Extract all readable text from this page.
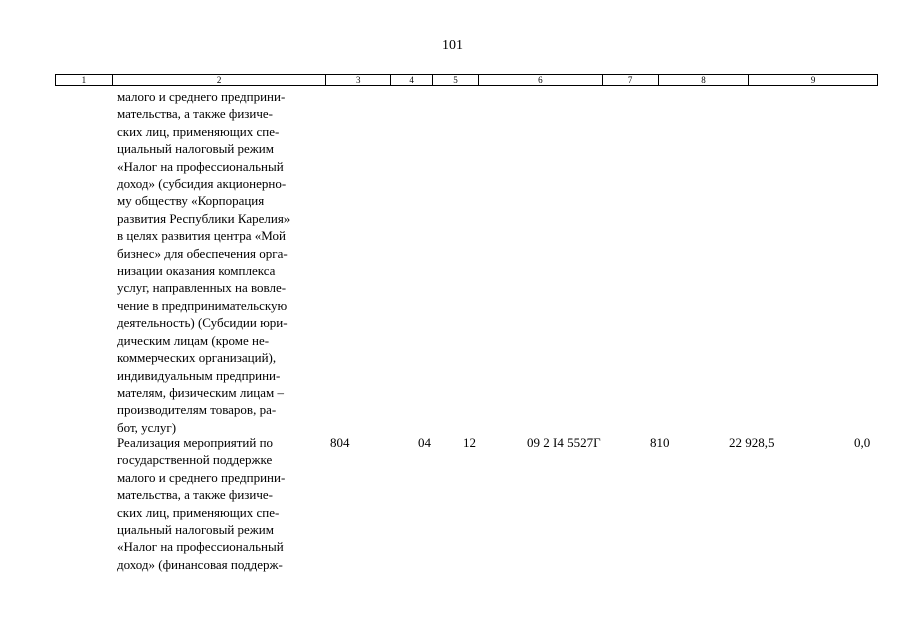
101
1	2	3	4	5	6	7	8	9
малого и среднего предприни-
мательства, а также физиче-
ских лиц, применяющих спе-
циальный налоговый режим
«Налог на профессиональный
доход» (субсидия акционерно-
му обществу «Корпорация
развития Республики Карелия»
в целях развития центра «Мой
бизнес» для обеспечения орга-
низации оказания комплекса
услуг, направленных на вовле-
чение в предпринимательскую
деятельность) (Субсидии юри-
дическим лицам (кроме не-
коммерческих организаций),
индивидуальным предприни-
мателям, физическим лицам –
производителям товаров, ра-
бот, услуг)
Реализация мероприятий по
государственной поддержке
малого и среднего предприни-
мательства, а также физиче-
ских лиц, применяющих спе-
циальный налоговый режим
«Налог на профессиональный
доход» (финансовая поддерж-
804	04 12	09 2 I4 5527Г	810	22 928,5	0,0
